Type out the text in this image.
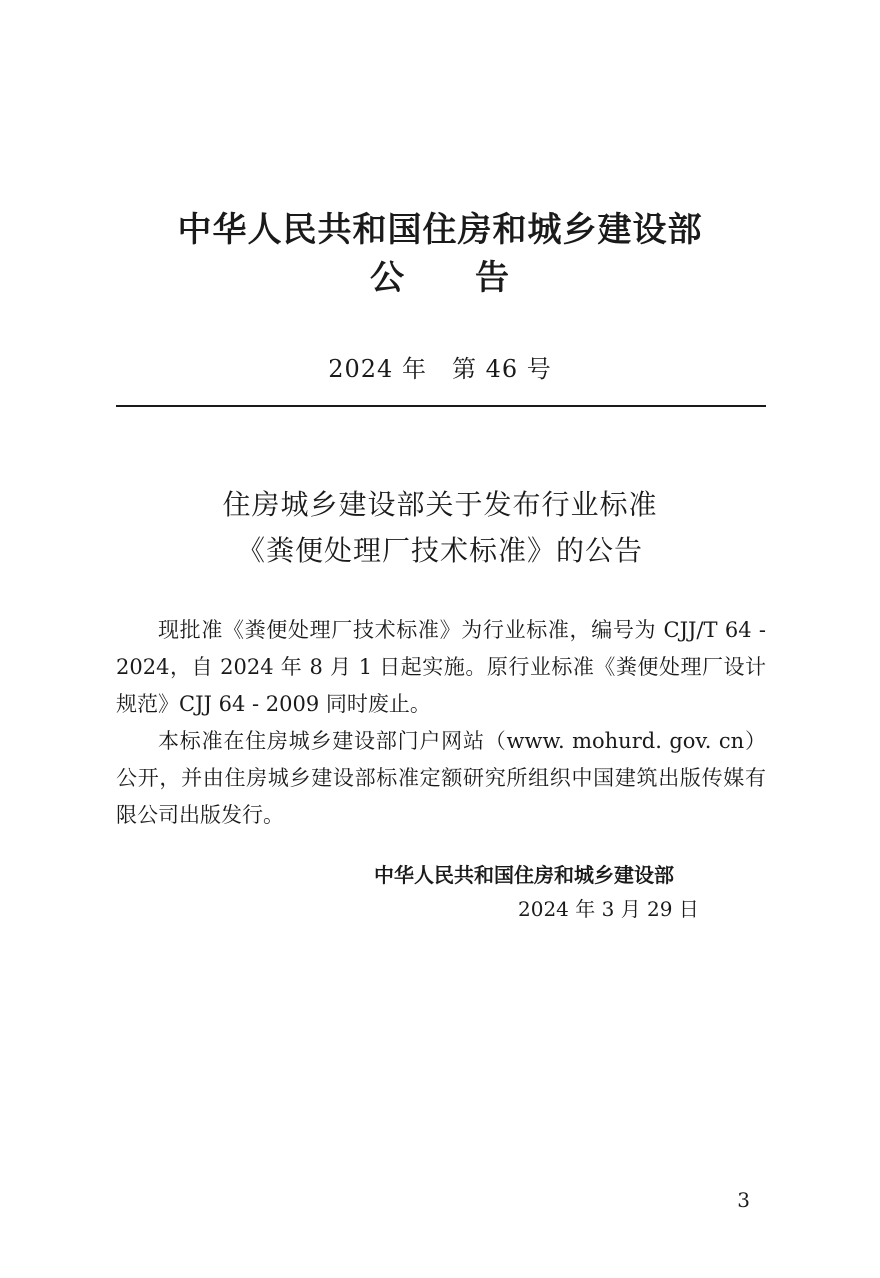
中华人民共和国住房和城乡建设部
公　　告
2024 年　第 46 号
住房城乡建设部关于发布行业标准
《粪便处理厂技术标准》的公告

现批准《粪便处理厂技术标准》为行业标准，编号为 CJJ/T 64 - 2024，自 2024 年 8 月 1 日起实施。原行业标准《粪便处理厂设计规范》CJJ 64 - 2009 同时废止。

本标准在住房城乡建设部门户网站（www. mohurd. gov. cn）公开，并由住房城乡建设部标准定额研究所组织中国建筑出版传媒有限公司出版发行。

中华人民共和国住房和城乡建设部
2024 年 3 月 29 日
3
